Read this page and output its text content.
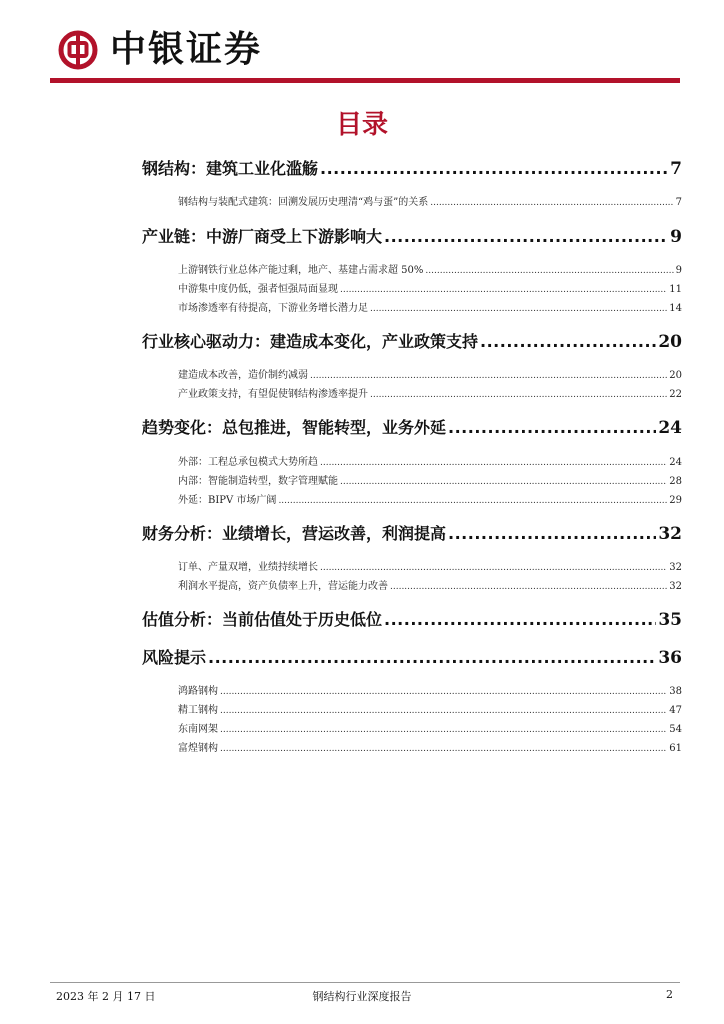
中银证券
目录
钢结构：建筑工业化滥觞 .....	7
钢结构与装配式建筑：回溯发展历史理清“鸡与蛋”的关系 .....	7
产业链：中游厂商受上下游影响大 .....	9
上游钢铁行业总体产能过剩，地产、基建占需求超 50% .....	9
中游集中度仍低，强者恒强局面显现 .....	11
市场渗透率有待提高，下游业务增长潜力足 .....	14
行业核心驱动力：建造成本变化，产业政策支持 .....	20
建造成本改善，造价制约减弱 .....	20
产业政策支持，有望促使钢结构渗透率提升 .....	22
趋势变化：总包推进，智能转型，业务外延 .....	24
外部：工程总承包模式大势所趋 .....	24
内部：智能制造转型，数字管理赋能 .....	28
外延：BIPV 市场广阔 .....	29
财务分析：业绩增长，营运改善，利润提高 .....	32
订单、产量双增，业绩持续增长 .....	32
利润水平提高，资产负债率上升，营运能力改善 .....	32
估值分析：当前估值处于历史低位 .....	35
风险提示 .....	36
鸿路钢构 .....	38
精工钢构 .....	47
东南网架 .....	54
富煌钢构 .....	61
2023 年 2 月 17 日	钢结构行业深度报告	2
